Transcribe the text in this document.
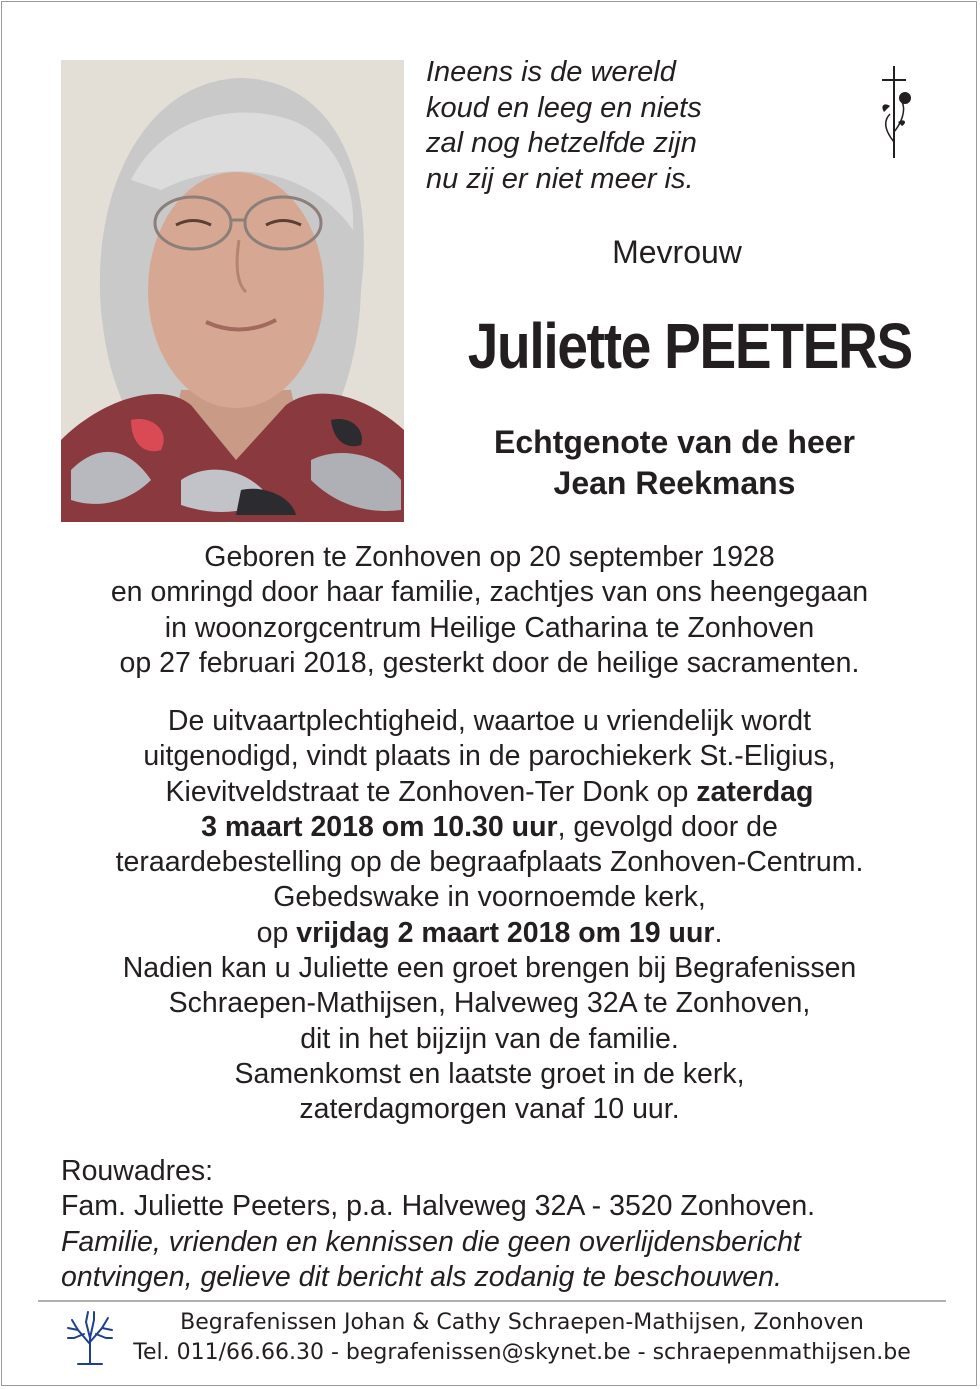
Ineens is de wereld
koud en leeg en niets
zal nog hetzelfde zijn
nu zij er niet meer is.
Mevrouw
Juliette PEETERS
Echtgenote van de heer
Jean Reekmans
Geboren te Zonhoven op 20 september 1928
en omringd door haar familie, zachtjes van ons heengegaan
in woonzorgcentrum Heilige Catharina te Zonhoven
op 27 februari 2018, gesterkt door de heilige sacramenten.
De uitvaartplechtigheid, waartoe u vriendelijk wordt
uitgenodigd, vindt plaats in de parochiekerk St.-Eligius,
Kievitveldstraat te Zonhoven-Ter Donk op zaterdag
3 maart 2018 om 10.30 uur, gevolgd door de
teraardebestelling op de begraafplaats Zonhoven-Centrum.
Gebedswake in voornoemde kerk,
op vrijdag 2 maart 2018 om 19 uur.
Nadien kan u Juliette een groet brengen bij Begrafenissen
Schraepen-Mathijsen, Halveweg 32A te Zonhoven,
dit in het bijzijn van de familie.
Samenkomst en laatste groet in de kerk,
zaterdagmorgen vanaf 10 uur.
Rouwadres:
Fam. Juliette Peeters, p.a. Halveweg 32A - 3520 Zonhoven.
Familie, vrienden en kennissen die geen overlijdensbericht
ontvingen, gelieve dit bericht als zodanig te beschouwen.
Begrafenissen Johan & Cathy Schraepen-Mathijsen, Zonhoven
Tel. 011/66.66.30 - begrafenissen@skynet.be - schraepenmathijsen.be
